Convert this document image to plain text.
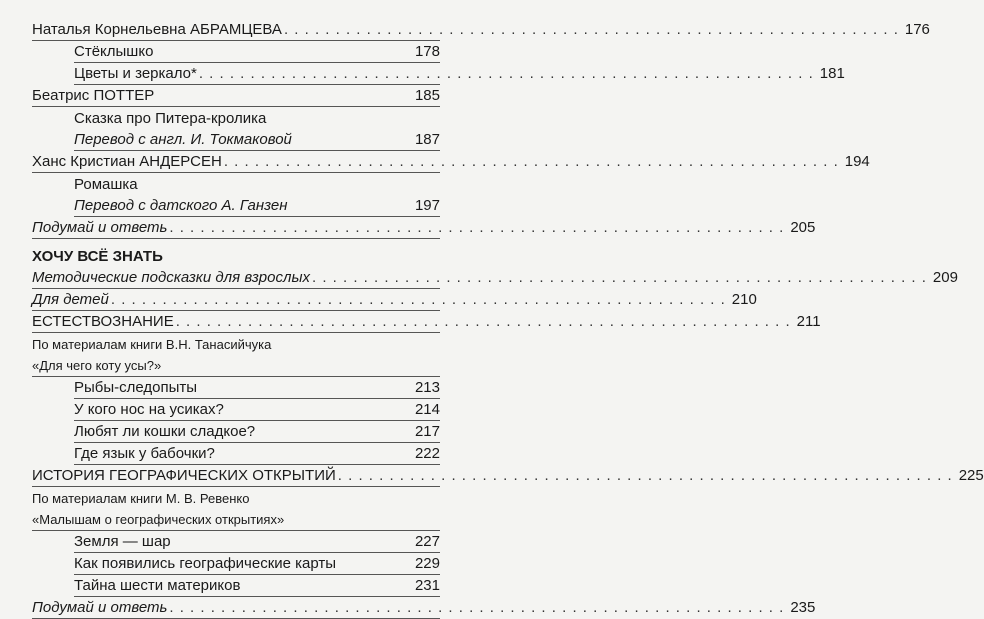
Наталья Корнельевна АБРАМЦЕВА . . . . . . . . . . . . . . . . . . . . . . . . . . . . . . . . . . . . . . . . . . . . . . . . . . . . . . . . . . . . 176
Стёклышко	178
Цветы и зеркало* . . . . . . . . . . . . . . . . . . . . . . . . . . . . . . . . . . . . . . . . . . . . . . . . . . . . . . . . . . . . 181
Беатрис ПОТТЕР	185
Сказка про Питера-кролика
Перевод с англ. И. Токмаковой	187
Ханс Кристиан АНДЕРСЕН . . . . . . . . . . . . . . . . . . . . . . . . . . . . . . . . . . . . . . . . . . . . . . . . . . . . . . . . . . . . 194
Ромашка
Перевод с датского А. Ганзен	197
Подумай и ответь . . . . . . . . . . . . . . . . . . . . . . . . . . . . . . . . . . . . . . . . . . . . . . . . . . . . . . . . . . . . 205
ХОЧУ ВСЁ ЗНАТЬ
Методические подсказки для взрослых . . . . . . . . . . . . . . . . . . . . . . . . . . . . . . . . . . . . . . . . . . . . . . . . . . . . . . . . . . . . 209
Для детей . . . . . . . . . . . . . . . . . . . . . . . . . . . . . . . . . . . . . . . . . . . . . . . . . . . . . . . . . . . . 210
ЕСТЕСТВОЗНАНИЕ . . . . . . . . . . . . . . . . . . . . . . . . . . . . . . . . . . . . . . . . . . . . . . . . . . . . . . . . . . . . 211
По материалам книги В.Н. Танасийчука
«Для чего коту усы?»
Рыбы-следопыты	213
У кого нос на усиках?	214
Любят ли кошки сладкое?	217
Где язык у бабочки?	222
ИСТОРИЯ ГЕОГРАФИЧЕСКИХ ОТКРЫТИЙ . . . . . . . . . . . . . . . . . . . . . . . . . . . . . . . . . . . . . . . . . . . . . . . . . . . . . . . . . . . . 225
По материалам книги М. В. Ревенко
«Малышам о географических открытиях»
Земля — шар	227
Как появились географические карты	229
Тайна шести материков	231
Подумай и ответь . . . . . . . . . . . . . . . . . . . . . . . . . . . . . . . . . . . . . . . . . . . . . . . . . . . . . . . . . . . . 235
